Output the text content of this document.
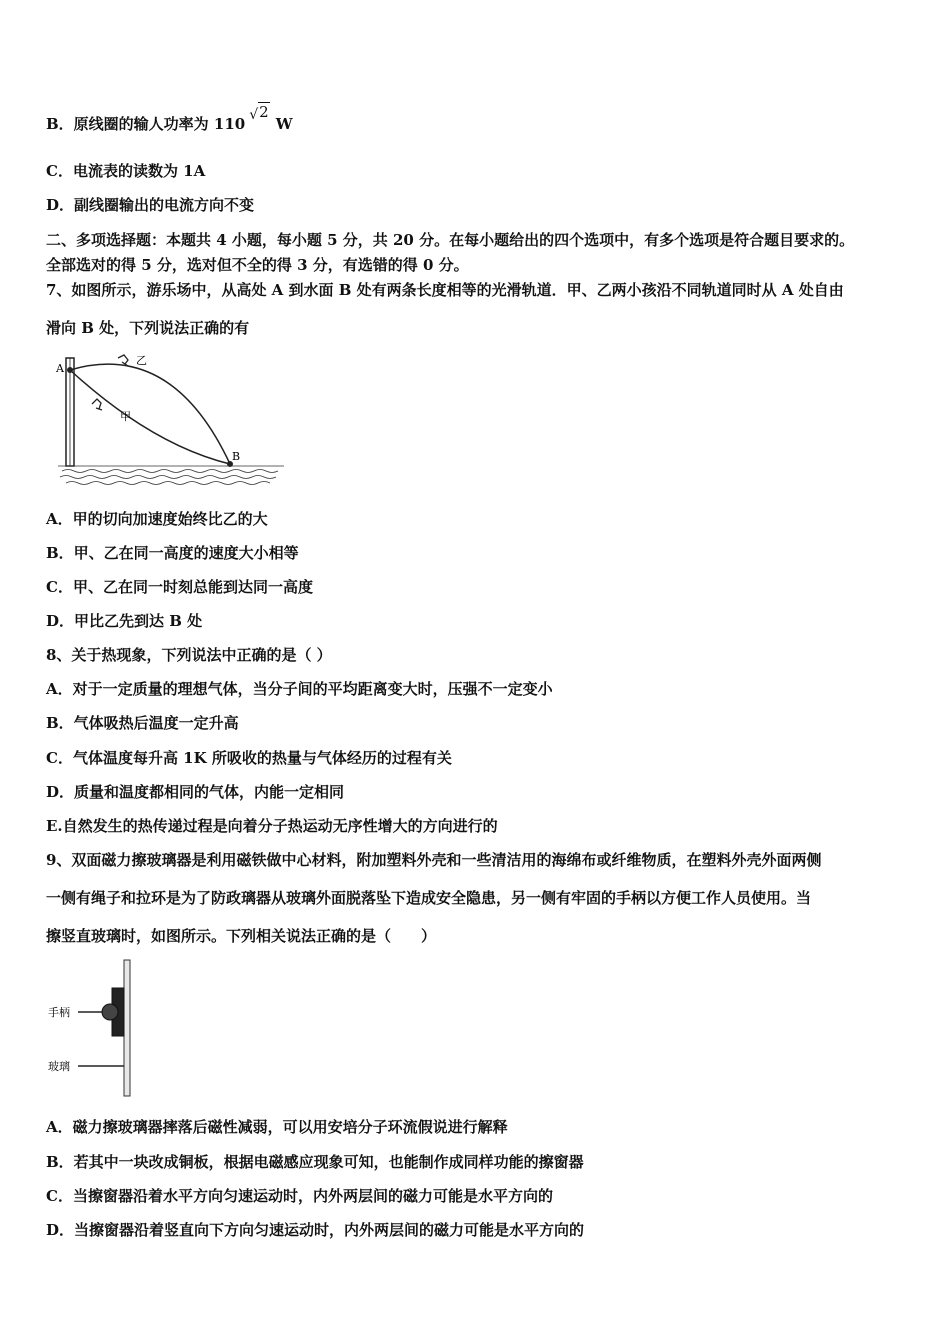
B．原线圈的输人功率为 110 √2W
C．电流表的读数为 1A
D．副线圈输出的电流方向不变
二、多项选择题：本题共 4 小题，每小题 5 分，共 20 分。在每小题给出的四个选项中，有多个选项是符合题目要求的。
全部选对的得 5 分，选对但不全的得 3 分，有选错的得 0 分。
7、如图所示，游乐场中，从高处 A 到水面 B 处有两条长度相等的光滑轨道．甲、乙两小孩沿不同轨道同时从 A 处自由
滑向 B 处，下列说法正确的有
A
B
乙
甲
A．甲的切向加速度始终比乙的大
B．甲、乙在同一高度的速度大小相等
C．甲、乙在同一时刻总能到达同一高度
D．甲比乙先到达 B 处
8、关于热现象，下列说法中正确的是（ ）
A．对于一定质量的理想气体，当分子间的平均距离变大时，压强不一定变小
B．气体吸热后温度一定升高
C．气体温度每升高 1K 所吸收的热量与气体经历的过程有关
D．质量和温度都相同的气体，内能一定相同
E.自然发生的热传递过程是向着分子热运动无序性增大的方向进行的
9、双面磁力擦玻璃器是利用磁铁做中心材料，附加塑料外壳和一些清洁用的海绵布或纤维物质，在塑料外壳外面两侧
一侧有绳子和拉环是为了防政璃器从玻璃外面脱落坠下造成安全隐患，另一侧有牢固的手柄以方便工作人员使用。当
擦竖直玻璃时，如图所示。下列相关说法正确的是（　　）
手柄
玻璃
A．磁力擦玻璃器摔落后磁性减弱，可以用安培分子环流假说进行解释
B．若其中一块改成铜板，根据电磁感应现象可知，也能制作成同样功能的擦窗器
C．当擦窗器沿着水平方向匀速运动时，内外两层间的磁力可能是水平方向的
D．当擦窗器沿着竖直向下方向匀速运动时，内外两层间的磁力可能是水平方向的
